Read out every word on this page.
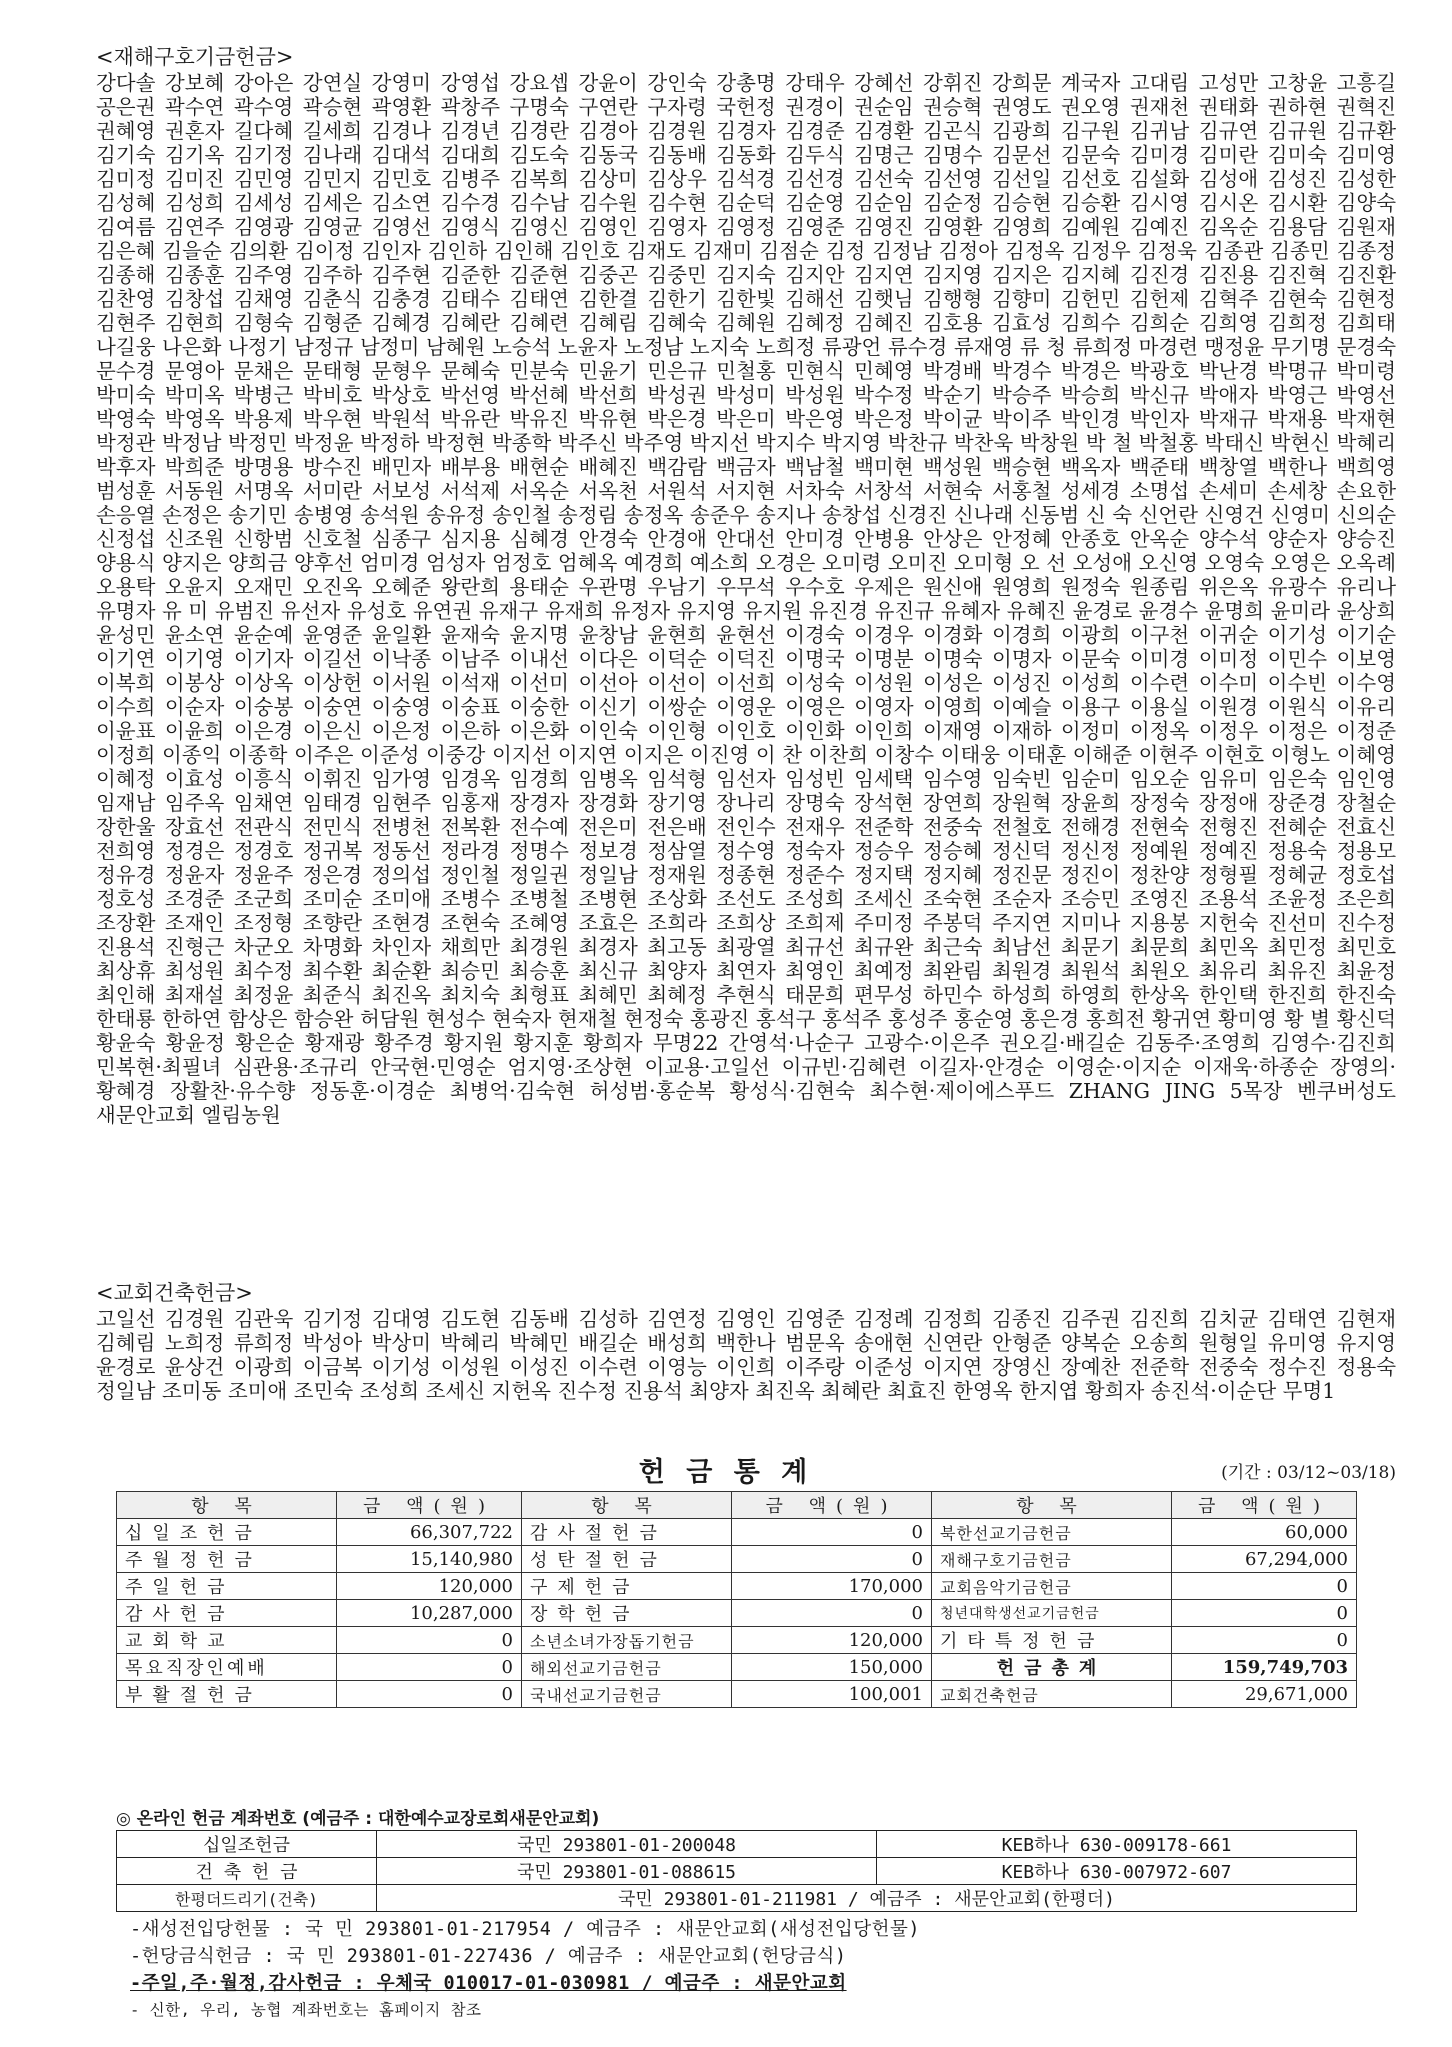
<재해구호기금헌금>
강다솔 강보혜 강아은 강연실 강영미 강영섭 강요셉 강윤이 강인숙 강총명 강태우 강혜선 강휘진 강희문 계국자 고대림 고성만 고창윤 고흥길 공은권 곽수연 곽수영 곽승현 곽영환 곽창주 구명숙 구연란 구자령 국헌정 권경이 권순임 권승혁 권영도 권오영 권재천 권태화 권하현 권혁진 권혜영 권혼자 길다혜 길세희 김경나 김경년 김경란 김경아 김경원 김경자 김경준 김경환 김곤식 김광희 김구원 김귀남 김규연 김규원 김규환 김기숙 김기옥 김기정 김나래 김대석 김대희 김도숙 김동국 김동배 김동화 김두식 김명근 김명수 김문선 김문숙 김미경 김미란 김미숙 김미영 김미정 김미진 김민영 김민지 김민호 김병주 김복희 김상미 김상우 김석경 김선경 김선숙 김선영 김선일 김선호 김설화 김성애 김성진 김성한 김성혜 김성희 김세성 김세은 김소연 김수경 김수남 김수원 김수현 김순덕 김순영 김순임 김순정 김승현 김승환 김시영 김시온 김시환 김양숙 김여름 김연주 김영광 김영균 김영선 김영식 김영신 김영인 김영자 김영정 김영준 김영진 김영환 김영희 김예원 김예진 김옥순 김용담 김원재 김은혜 김을순 김의환 김이정 김인자 김인하 김인해 김인호 김재도 김재미 김점순 김정 김정남 김정아 김정옥 김정우 김정욱 김종관 김종민 김종정 김종해 김종훈 김주영 김주하 김주현 김준한 김준현 김중곤 김중민 김지숙 김지안 김지연 김지영 김지은 김지혜 김진경 김진용 김진혁 김진환 김찬영 김창섭 김채영 김춘식 김충경 김태수 김태연 김한결 김한기 김한빛 김해선 김햇님 김행형 김향미 김헌민 김헌제 김혁주 김현숙 김현정 김현주 김현희 김형숙 김형준 김혜경 김혜란 김혜련 김혜림 김혜숙 김혜원 김혜정 김혜진 김호용 김효성 김희수 김희순 김희영 김희정 김희태 나길웅 나은화 나정기 남정규 남정미 남혜원 노승석 노윤자 노정남 노지숙 노희정 류광언 류수경 류재영 류 청 류희정 마경련 맹정윤 무기명 문경숙 문수경 문영아 문채은 문태형 문형우 문혜숙 민분숙 민윤기 민은규 민철홍 민현식 민혜영 박경배 박경수 박경은 박광호 박난경 박명규 박미령 박미숙 박미옥 박병근 박비호 박상호 박선영 박선혜 박선희 박성권 박성미 박성원 박수정 박순기 박승주 박승희 박신규 박애자 박영근 박영선 박영숙 박영옥 박용제 박우현 박원석 박유란 박유진 박유현 박은경 박은미 박은영 박은정 박이균 박이주 박인경 박인자 박재규 박재용 박재현 박정관 박정남 박정민 박정윤 박정하 박정현 박종학 박주신 박주영 박지선 박지수 박지영 박찬규 박찬욱 박창원 박 철 박철홍 박태신 박현신 박혜리 박후자 박희준 방명용 방수진 배민자 배부용 배현순 배혜진 백감람 백금자 백남철 백미현 백성원 백승현 백옥자 백준태 백창열 백한나 백희영 범성훈 서동원 서명옥 서미란 서보성 서석제 서옥순 서옥천 서원석 서지현 서차숙 서창석 서현숙 서홍철 성세경 소명섭 손세미 손세창 손요한 손응열 손정은 송기민 송병영 송석원 송유정 송인철 송정림 송정옥 송준우 송지나 송창섭 신경진 신나래 신동범 신 숙 신언란 신영건 신영미 신의순 신정섭 신조원 신항범 신호철 심종구 심지용 심혜경 안경숙 안경애 안대선 안미경 안병용 안상은 안정혜 안종호 안옥순 양수석 양순자 양승진 양용식 양지은 양희금 양후선 엄미경 엄성자 엄정호 엄혜옥 예경희 예소희 오경은 오미령 오미진 오미형 오 선 오성애 오신영 오영숙 오영은 오옥례 오용탁 오윤지 오재민 오진옥 오혜준 왕란희 용태순 우관명 우남기 우무석 우수호 우제은 원신애 원영희 원정숙 원종림 위은옥 유광수 유리나 유명자 유 미 유범진 유선자 유성호 유연권 유재구 유재희 유정자 유지영 유지원 유진경 유진규 유혜자 유혜진 윤경로 윤경수 윤명희 윤미라 윤상희 윤성민 윤소연 윤순예 윤영준 윤일환 윤재숙 윤지명 윤창남 윤현희 윤현선 이경숙 이경우 이경화 이경희 이광희 이구천 이귀순 이기성 이기순 이기연 이기영 이기자 이길선 이낙종 이남주 이내선 이다은 이덕순 이덕진 이명국 이명분 이명숙 이명자 이문숙 이미경 이미정 이민수 이보영 이복희 이봉상 이상옥 이상헌 이서원 이석재 이선미 이선아 이선이 이선희 이성숙 이성원 이성은 이성진 이성희 이수련 이수미 이수빈 이수영 이수희 이순자 이숭봉 이숭연 이숭영 이숭표 이숭한 이신기 이쌍순 이영운 이영은 이영자 이영희 이예슬 이용구 이용실 이원경 이원식 이유리 이윤표 이윤희 이은경 이은신 이은정 이은하 이은화 이인숙 이인형 이인호 이인화 이인희 이재영 이재하 이정미 이정옥 이정우 이정은 이정준 이정희 이종익 이종학 이주은 이준성 이중강 이지선 이지연 이지은 이진영 이 찬 이찬희 이창수 이태웅 이태훈 이해준 이현주 이현호 이형노 이혜영 이혜정 이효성 이흥식 이휘진 임가영 임경옥 임경희 임병옥 임석형 임선자 임성빈 임세택 임수영 임숙빈 임순미 임오순 임유미 임은숙 임인영 임재남 임주옥 임채연 임태경 임현주 임홍재 장경자 장경화 장기영 장나리 장명숙 장석현 장연희 장원혁 장윤희 장정숙 장정애 장준경 장철순 장한울 장효선 전관식 전민식 전병천 전복환 전수예 전은미 전은배 전인수 전재우 전준학 전중숙 전철호 전해경 전현숙 전형진 전혜순 전효신 전희영 정경은 정경호 정귀복 정동선 정라경 정명수 정보경 정삼열 정수영 정숙자 정승우 정승혜 정신덕 정신정 정예원 정예진 정용숙 정용모 정유경 정윤자 정윤주 정은경 정의섭 정인철 정일권 정일남 정재원 정종현 정준수 정지택 정지혜 정진문 정진이 정찬양 정형필 정혜균 정호섭 정호성 조경준 조군희 조미순 조미애 조병수 조병철 조병현 조상화 조선도 조성희 조세신 조숙현 조순자 조승민 조영진 조용석 조윤정 조은희 조장환 조재인 조정형 조향란 조현경 조현숙 조혜영 조효은 조희라 조희상 조희제 주미정 주봉덕 주지연 지미나 지용봉 지헌숙 진선미 진수정 진용석 진형근 차군오 차명화 차인자 채희만 최경원 최경자 최고동 최광열 최규선 최규완 최근숙 최남선 최문기 최문희 최민옥 최민정 최민호 최상휴 최성원 최수정 최수환 최순환 최승민 최승훈 최신규 최양자 최연자 최영인 최예정 최완림 최원경 최원석 최원오 최유리 최유진 최윤정 최인해 최재설 최정윤 최준식 최진옥 최치숙 최형표 최혜민 최혜정 추현식 태문희 편무성 하민수 하성희 하영희 한상옥 한인택 한진희 한진숙 한태룡 한하연 함상은 함승완 허담원 현성수 현숙자 현재철 현정숙 홍광진 홍석구 홍석주 홍성주 홍순영 홍은경 홍희전 황귀연 황미영 황 별 황신덕 황윤숙 황윤정 황은순 황재광 황주경 황지원 황지훈 황희자 무명22 간영석·나순구 고광수·이은주 권오길·배길순 김동주·조영희 김영수·김진희 민복현·최필녀 심관용·조규리 안국현·민영순 엄지영·조상현 이교용·고일선 이규빈·김혜련 이길자·안경순 이영순·이지순 이재욱·하종순 장영의·황혜경 장활찬·유수향 정동훈·이경순 최병억·김숙현 허성범·홍순복 황성식·김현숙 최수현·제이에스푸드 ZHANG JING 5목장 벤쿠버성도 새문안교회 엘림농원
<교회건축헌금>
고일선 김경원 김관욱 김기정 김대영 김도현 김동배 김성하 김연정 김영인 김영준 김정례 김정희 김종진 김주권 김진희 김치균 김태연 김현재 김혜림 노희정 류희정 박성아 박상미 박혜리 박혜민 배길순 배성희 백한나 범문옥 송애현 신연란 안형준 양복순 오송희 원형일 유미영 유지영 윤경로 윤상건 이광희 이금복 이기성 이성원 이성진 이수련 이영능 이인희 이주랑 이준성 이지연 장영신 장예찬 전준학 전중숙 정수진 정용숙 정일남 조미동 조미애 조민숙 조성희 조세신 지헌옥 진수정 진용석 최양자 최진옥 최혜란 최효진 한영옥 한지엽 황희자 송진석·이순단 무명1
헌 금 통 계	(기간 : 03/12~03/18)
항 목	금 액(원)	항 목	금 액(원)	항 목	금 액(원)
십일조헌금	66,307,722	감사절헌금	0	북한선교기금헌금	60,000
주월정헌금	15,140,980	성탄절헌금	0	재해구호기금헌금	67,294,000
주일헌금	120,000	구제헌금	170,000	교회음악기금헌금	0
감사헌금	10,287,000	장학헌금	0	청년대학생선교기금헌금	0
교회학교	0	소년소녀가장돕기헌금	120,000	기타특정헌금	0
목요직장인예배	0	해외선교기금헌금	150,000	헌금총계	159,749,703
부활절헌금	0	국내선교기금헌금	100,001	교회건축헌금	29,671,000
◎ 온라인 헌금 계좌번호 (예금주 : 대한예수교장로회새문안교회)
십일조헌금	국민 293801-01-200048	KEB하나 630-009178-661
건 축 헌 금	국민 293801-01-088615	KEB하나 630-007972-607
한평더드리기(건축)	국민 293801-01-211981 / 예금주 : 새문안교회(한평더)	
-새성전입당헌물 : 국 민 293801-01-217954 / 예금주 : 새문안교회(새성전입당헌물)
-헌당금식헌금 : 국 민 293801-01-227436 / 예금주 : 새문안교회(헌당금식)
-주일,주·월정,감사헌금 : 우체국 010017-01-030981 / 예금주 : 새문안교회
- 신한, 우리, 농협 계좌번호는 홈페이지 참조
